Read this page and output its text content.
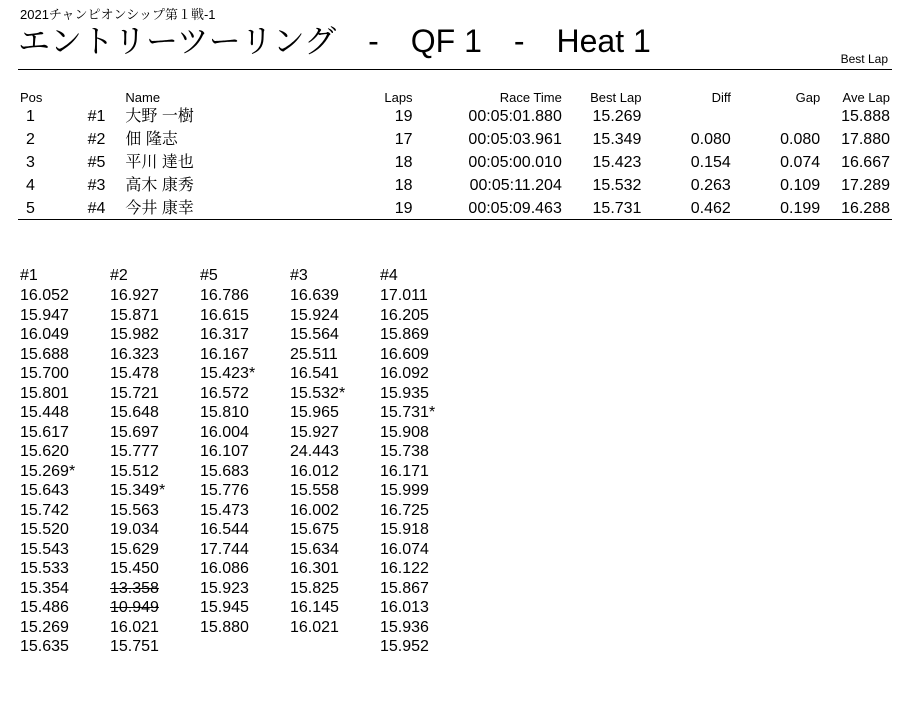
2021チャンピオンシップ第１戦-1
エントリーツーリング　-　QF 1　-　Heat 1	Best Lap
Pos		Name	Laps	Race Time	Best Lap	Diff	Gap	Ave Lap
1	#1	大野 一樹	19	00:05:01.880	15.269			15.888
2	#2	佃 隆志	17	00:05:03.961	15.349	0.080	0.080	17.880
3	#5	平川 達也	18	00:05:00.010	15.423	0.154	0.074	16.667
4	#3	高木 康秀	18	00:05:11.204	15.532	0.263	0.109	17.289
5	#4	今井 康幸	19	00:05:09.463	15.731	0.462	0.199	16.288
#1	#2	#5	#3	#4
16.052	16.927	16.786	16.639	17.011
15.947	15.871	16.615	15.924	16.205
16.049	15.982	16.317	15.564	15.869
15.688	16.323	16.167	25.511	16.609
15.700	15.478	15.423*	16.541	16.092
15.801	15.721	16.572	15.532*	15.935
15.448	15.648	15.810	15.965	15.731*
15.617	15.697	16.004	15.927	15.908
15.620	15.777	16.107	24.443	15.738
15.269*	15.512	15.683	16.012	16.171
15.643	15.349*	15.776	15.558	15.999
15.742	15.563	15.473	16.002	16.725
15.520	19.034	16.544	15.675	15.918
15.543	15.629	17.744	15.634	16.074
15.533	15.450	16.086	16.301	16.122
15.354	13.358	15.923	15.825	15.867
15.486	10.949	15.945	16.145	16.013
15.269	16.021	15.880	16.021	15.936
15.635	15.751			15.952
